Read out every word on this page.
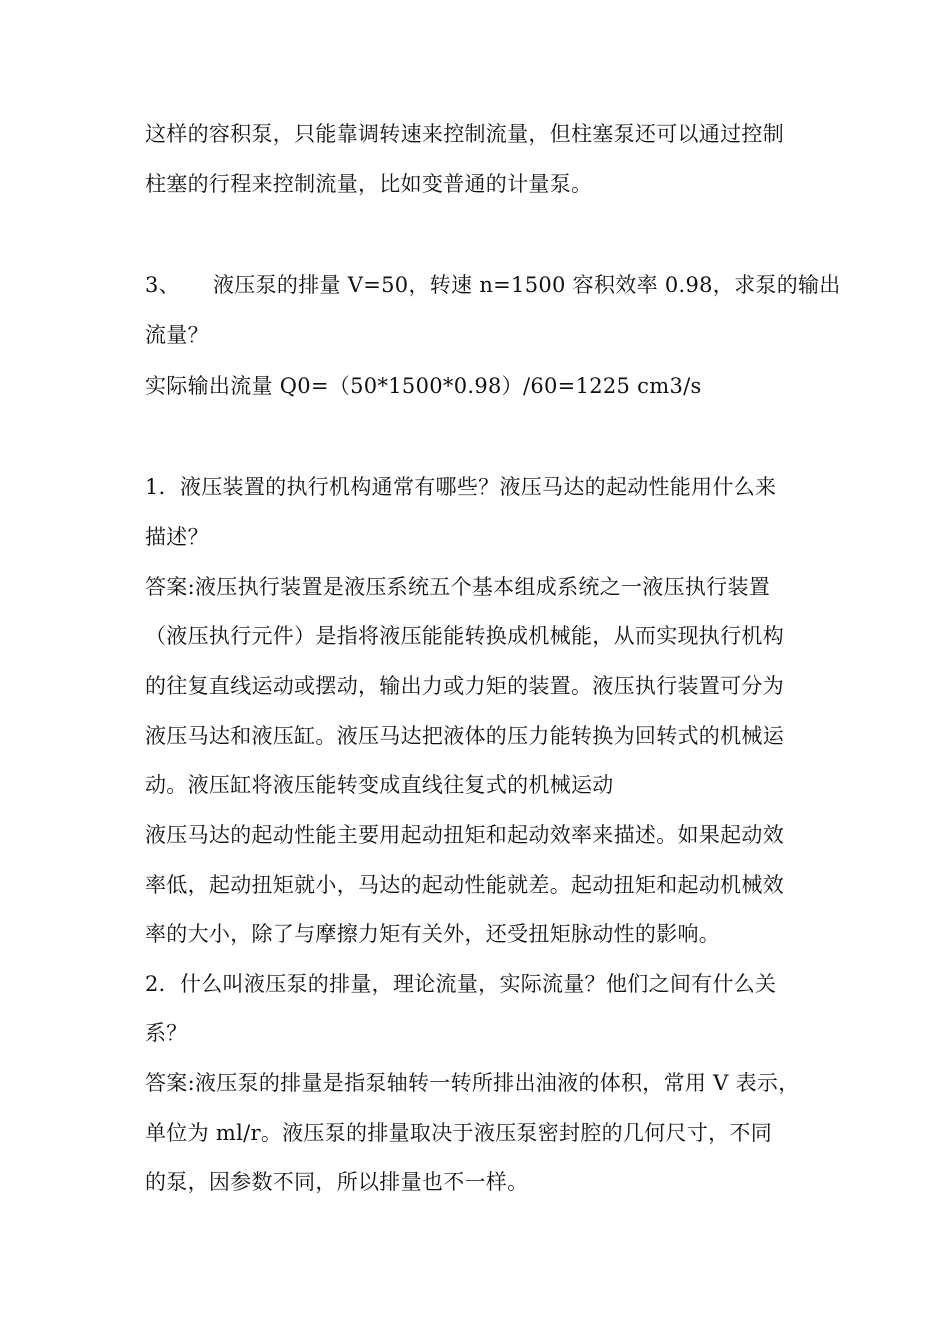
这样的容积泵，只能靠调转速来控制流量，但柱塞泵还可以通过控制
柱塞的行程来控制流量，比如变普通的计量泵。
3、 液压泵的排量 V=50，转速 n=1500 容积效率 0.98，求泵的输出
流量？
实际输出流量 Q0=（50*1500*0.98）/60=1225 cm3/s
1．液压装置的执行机构通常有哪些？液压马达的起动性能用什么来
描述？
答案:液压执行装置是液压系统五个基本组成系统之一液压执行装置
（液压执行元件）是指将液压能能转换成机械能，从而实现执行机构
的往复直线运动或摆动，输出力或力矩的装置。液压执行装置可分为
液压马达和液压缸。液压马达把液体的压力能转换为回转式的机械运
动。液压缸将液压能转变成直线往复式的机械运动
液压马达的起动性能主要用起动扭矩和起动效率来描述。如果起动效
率低，起动扭矩就小，马达的起动性能就差。起动扭矩和起动机械效
率的大小，除了与摩擦力矩有关外，还受扭矩脉动性的影响。
2．什么叫液压泵的排量，理论流量，实际流量？他们之间有什么关
系？
答案:液压泵的排量是指泵轴转一转所排出油液的体积，常用 V 表示，
单位为 ml/r。液压泵的排量取决于液压泵密封腔的几何尺寸，不同
的泵，因参数不同，所以排量也不一样。
